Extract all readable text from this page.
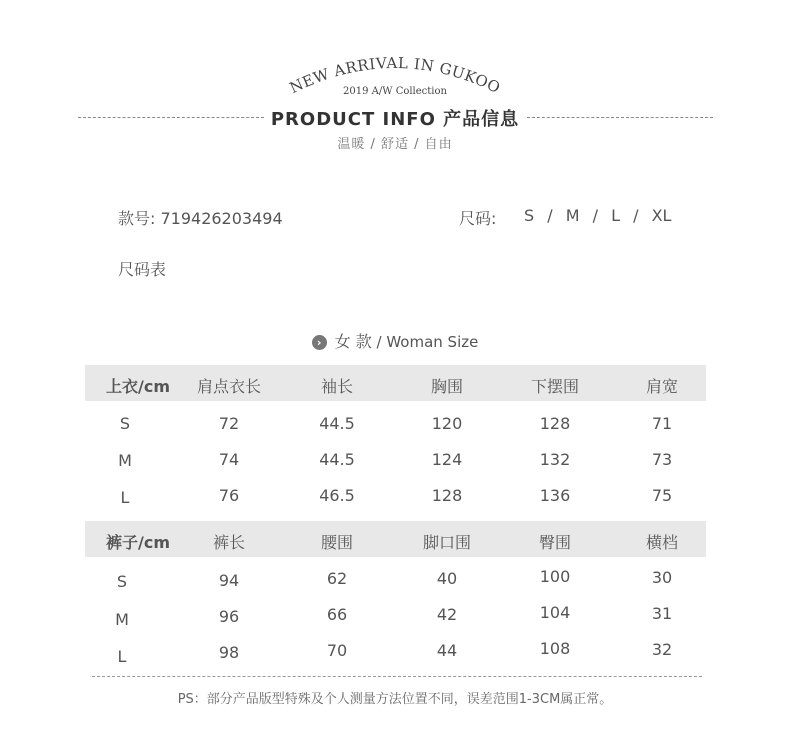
NEW ARRIVAL IN GUKOO
2019 A/W Collection
PRODUCT INFO 产品信息
温暖 / 舒适 / 自由
款号: 719426203494	尺码: S / M / L / XL
尺码表
› 女 款 / Woman Size
上衣/cm	肩点衣长	袖长	胸围	下摆围	肩宽
S	72	44.5	120	128	71
M	74	44.5	124	132	73
L	76	46.5	128	136	75
裤子/cm	裤长	腰围	脚口围	臀围	横档
S	94	62	40	100	30
M	96	66	42	104	31
L	98	70	44	108	32
PS：部分产品版型特殊及个人测量方法位置不同，误差范围1-3CM属正常。
